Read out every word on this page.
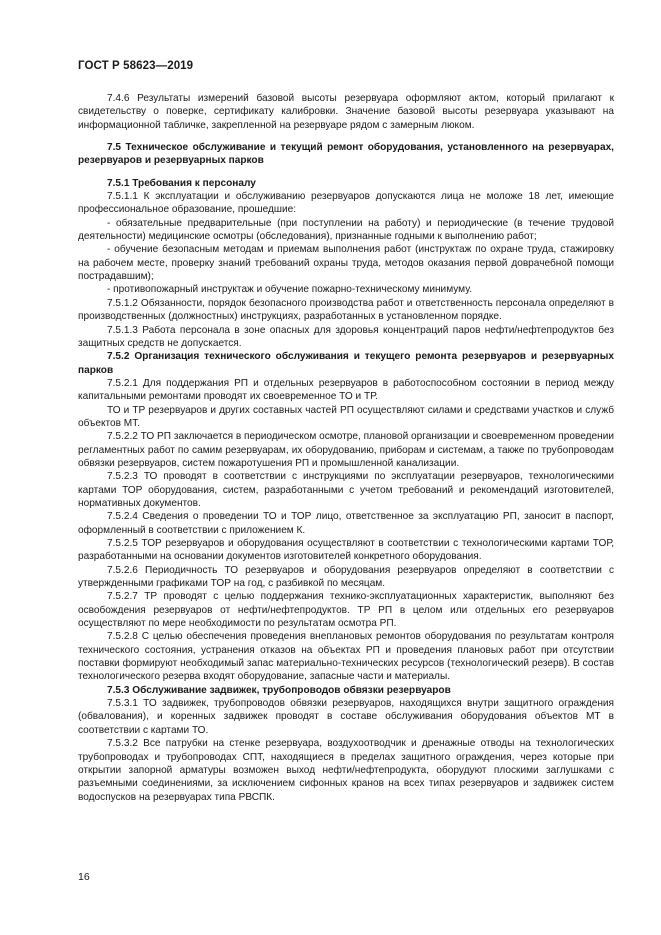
ГОСТ Р 58623—2019

7.4.6 Результаты измерений базовой высоты резервуара оформляют актом, который прилагают к свидетельству о поверке, сертификату калибровки. Значение базовой высоты резервуара указывают на информационной табличке, закрепленной на резервуаре рядом с замерным люком.

7.5 Техническое обслуживание и текущий ремонт оборудования, установленного на резервуарах, резервуаров и резервуарных парков

7.5.1 Требования к персоналу

7.5.1.1 К эксплуатации и обслуживанию резервуаров допускаются лица не моложе 18 лет, имеющие профессиональное образование, прошедшие:

- обязательные предварительные (при поступлении на работу) и периодические (в течение трудовой деятельности) медицинские осмотры (обследования), признанные годными к выполнению работ;

- обучение безопасным методам и приемам выполнения работ (инструктаж по охране труда, стажировку на рабочем месте, проверку знаний требований охраны труда, методов оказания первой доврачебной помощи пострадавшим);

- противопожарный инструктаж и обучение пожарно-техническому минимуму.

7.5.1.2 Обязанности, порядок безопасного производства работ и ответственность персонала определяют в производственных (должностных) инструкциях, разработанных в установленном порядке.

7.5.1.3 Работа персонала в зоне опасных для здоровья концентраций паров нефти/нефтепродуктов без защитных средств не допускается.

7.5.2 Организация технического обслуживания и текущего ремонта резервуаров и резервуарных парков

7.5.2.1 Для поддержания РП и отдельных резервуаров в работоспособном состоянии в период между капитальными ремонтами проводят их своевременное ТО и ТР.

ТО и ТР резервуаров и других составных частей РП осуществляют силами и средствами участков и служб объектов МТ.

7.5.2.2 ТО РП заключается в периодическом осмотре, плановой организации и своевременном проведении регламентных работ по самим резервуарам, их оборудованию, приборам и системам, а также по трубопроводам обвязки резервуаров, систем пожаротушения РП и промышленной канализации.

7.5.2.3 ТО проводят в соответствии с инструкциями по эксплуатации резервуаров, технологическими картами ТОР оборудования, систем, разработанными с учетом требований и рекомендаций изготовителей, нормативных документов.

7.5.2.4 Сведения о проведении ТО и ТОР лицо, ответственное за эксплуатацию РП, заносит в паспорт, оформленный в соответствии с приложением К.

7.5.2.5 ТОР резервуаров и оборудования осуществляют в соответствии с технологическими картами ТОР, разработанными на основании документов изготовителей конкретного оборудования.

7.5.2.6 Периодичность ТО резервуаров и оборудования резервуаров определяют в соответствии с утвержденными графиками ТОР на год, с разбивкой по месяцам.

7.5.2.7 ТР проводят с целью поддержания технико-эксплуатационных характеристик, выполняют без освобождения резервуаров от нефти/нефтепродуктов. ТР РП в целом или отдельных его резервуаров осуществляют по мере необходимости по результатам осмотра РП.

7.5.2.8 С целью обеспечения проведения внеплановых ремонтов оборудования по результатам контроля технического состояния, устранения отказов на объектах РП и проведения плановых работ при отсутствии поставки формируют необходимый запас материально-технических ресурсов (технологический резерв). В состав технологического резерва входят оборудование, запасные части и материалы.

7.5.3 Обслуживание задвижек, трубопроводов обвязки резервуаров

7.5.3.1 ТО задвижек, трубопроводов обвязки резервуаров, находящихся внутри защитного ограждения (обвалования), и коренных задвижек проводят в составе обслуживания оборудования объектов МТ в соответствии с картами ТО.

7.5.3.2 Все патрубки на стенке резервуара, воздухоотводчик и дренажные отводы на технологических трубопроводах и трубопроводах СПТ, находящиеся в пределах защитного ограждения, через которые при открытии запорной арматуры возможен выход нефти/нефтепродукта, оборудуют плоскими заглушками с разъемными соединениями, за исключением сифонных кранов на всех типах резервуаров и задвижек систем водоспусков на резервуарах типа РВСПК.

16
